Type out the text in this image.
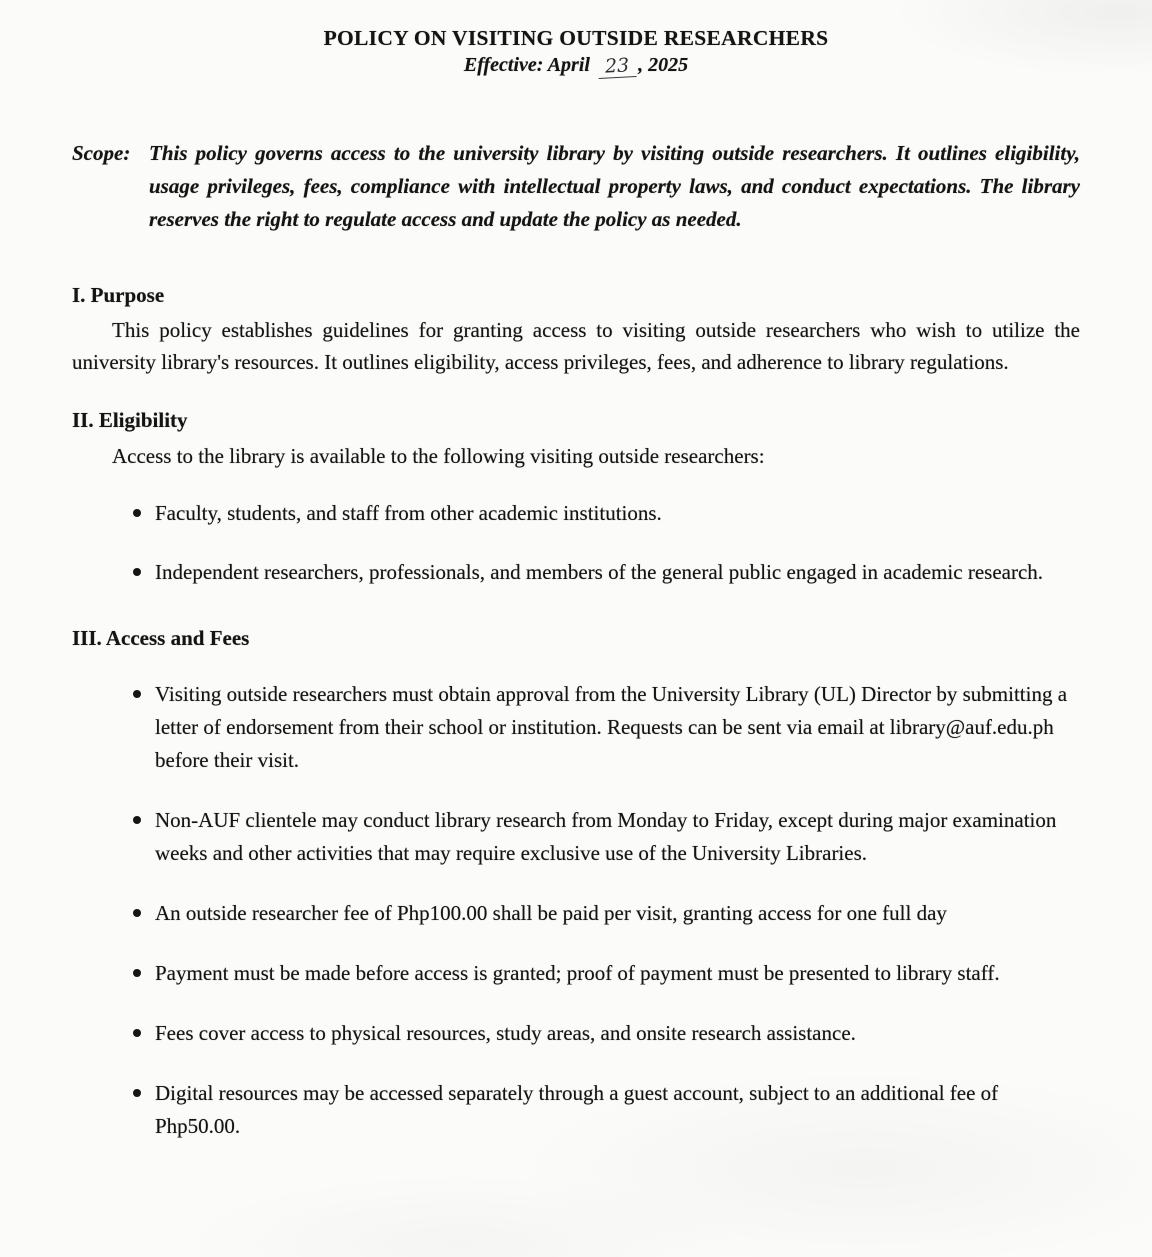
POLICY ON VISITING OUTSIDE RESEARCHERS
Effective: April 23 , 2025

Scope: This policy governs access to the university library by visiting outside researchers. It outlines eligibility, usage privileges, fees, compliance with intellectual property laws, and conduct expectations. The library reserves the right to regulate access and update the policy as needed.

I. Purpose

This policy establishes guidelines for granting access to visiting outside researchers who wish to utilize the university library's resources. It outlines eligibility, access privileges, fees, and adherence to library regulations.

II. Eligibility

Access to the library is available to the following visiting outside researchers:

Faculty, students, and staff from other academic institutions.
Independent researchers, professionals, and members of the general public engaged in academic research.
III. Access and Fees
Visiting outside researchers must obtain approval from the University Library (UL) Director by submitting a letter of endorsement from their school or institution. Requests can be sent via email at library@auf.edu.ph before their visit.
Non-AUF clientele may conduct library research from Monday to Friday, except during major examination weeks and other activities that may require exclusive use of the University Libraries.
An outside researcher fee of Php100.00 shall be paid per visit, granting access for one full day
Payment must be made before access is granted; proof of payment must be presented to library staff.
Fees cover access to physical resources, study areas, and onsite research assistance.
Digital resources may be accessed separately through a guest account, subject to an additional fee of Php50.00.
